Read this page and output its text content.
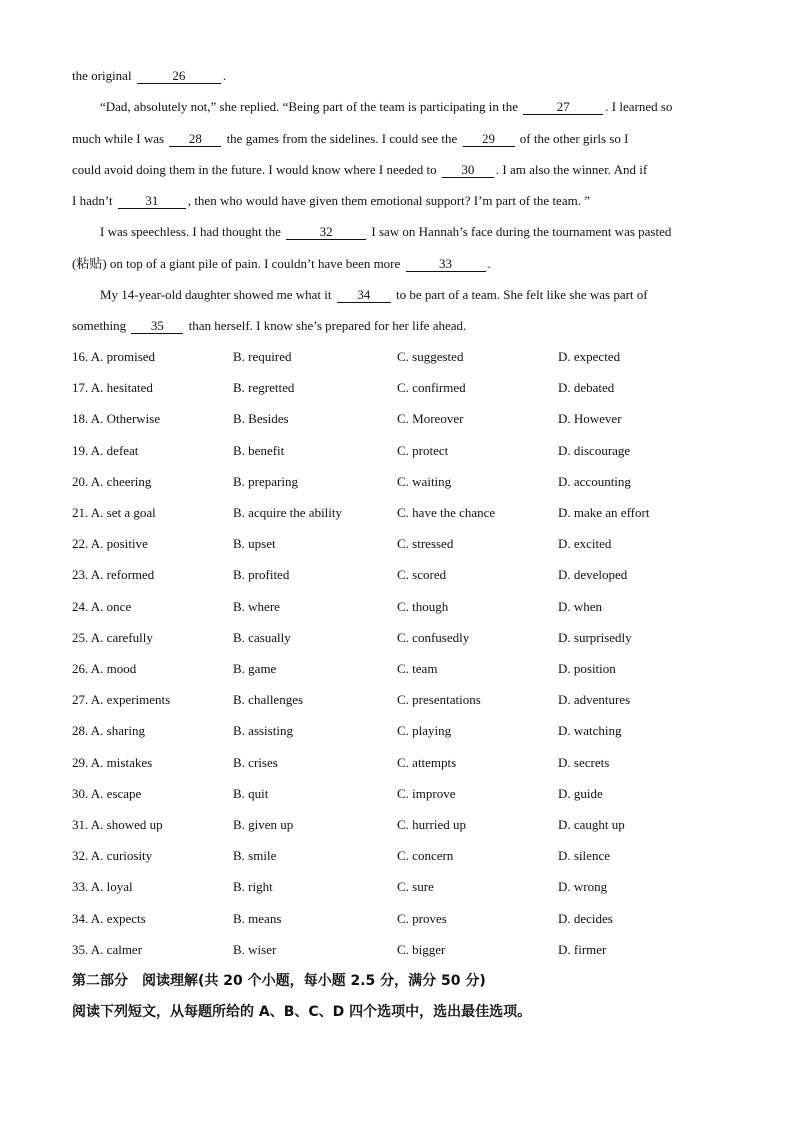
the original	26	.
“Dad, absolutely not,” she replied. “Being part of the team is participating in the	27	. I learned so
much while I was 28 the games from the sidelines. I could see the 29 of the other girls so I
could avoid doing them in the future. I would know where I needed to 30 . I am also the winner. And if
I hadn’t 31 , then who would have given them emotional support? I’m part of the team. ”
I was speechless. I had thought the	32	I saw on Hannah’s face during the tournament was pasted
(粘贴) on top of a giant pile of pain. I couldn’t have been more	33	.
My 14-year-old daughter showed me what it 34 to be part of a team. She felt like she was part of
something 35 than herself. I know she’s prepared for her life ahead.
16. A. promised	B. required	C. suggested	D. expected
17. A. hesitated	B. regretted	C. confirmed	D. debated
18. A. Otherwise	B. Besides	C. Moreover	D. However
19. A. defeat	B. benefit	C. protect	D. discourage
20. A. cheering	B. preparing	C. waiting	D. accounting
21. A. set a goal	B. acquire the ability	C. have the chance	D. make an effort
22. A. positive	B. upset	C. stressed	D. excited
23. A. reformed	B. profited	C. scored	D. developed
24. A. once	B. where	C. though	D. when
25. A. carefully	B. casually	C. confusedly	D. surprisedly
26. A. mood	B. game	C. team	D. position
27. A. experiments	B. challenges	C. presentations	D. adventures
28. A. sharing	B. assisting	C. playing	D. watching
29. A. mistakes	B. crises	C. attempts	D. secrets
30. A. escape	B. quit	C. improve	D. guide
31. A. showed up	B. given up	C. hurried up	D. caught up
32. A. curiosity	B. smile	C. concern	D. silence
33. A. loyal	B. right	C. sure	D. wrong
34. A. expects	B. means	C. proves	D. decides
35. A. calmer	B. wiser	C. bigger	D. firmer
第二部分　阅读理解(共 20 个小题，每小题 2.5 分，满分 50 分)
阅读下列短文，从每题所给的 A、B、C、D 四个选项中，选出最佳选项。
